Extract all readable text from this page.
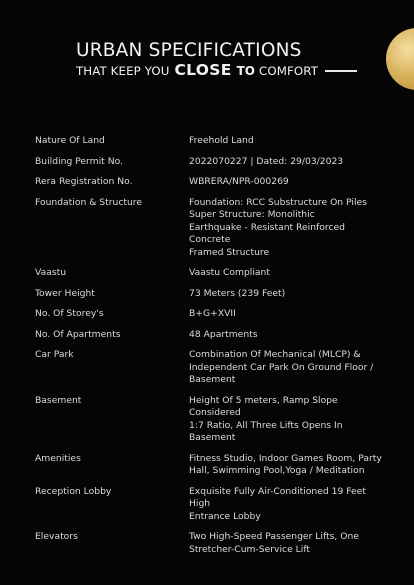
URBAN SPECIFICATIONS
THAT KEEP YOU CLOSE TO COMFORT
Nature Of Land	Freehold Land
Building Permit No.	2022070227 | Dated: 29/03/2023
Rera Registration No.	WBRERA/NPR-000269
Foundation & Structure	Foundation: RCC Substructure On Piles
Super Structure: Monolithic
Earthquake - Resistant Reinforced Concrete
Framed Structure
Vaastu	Vaastu Compliant
Tower Height	73 Meters (239 Feet)
No. Of Storey's	B+G+XVII
No. Of Apartments	48 Apartments
Car Park	Combination Of Mechanical (MLCP) &
Independent Car Park On Ground Floor /
Basement
Basement	Height Of 5 meters, Ramp Slope Considered
1:7 Ratio, All Three Lifts Opens In Basement
Amenities	Fitness Studio, Indoor Games Room, Party
Hall, Swimming Pool,Yoga / Meditation
Reception Lobby	Exquisite Fully Air-Conditioned 19 Feet High
Entrance Lobby
Elevators	Two High-Speed Passenger Lifts, One
Stretcher-Cum-Service Lift
